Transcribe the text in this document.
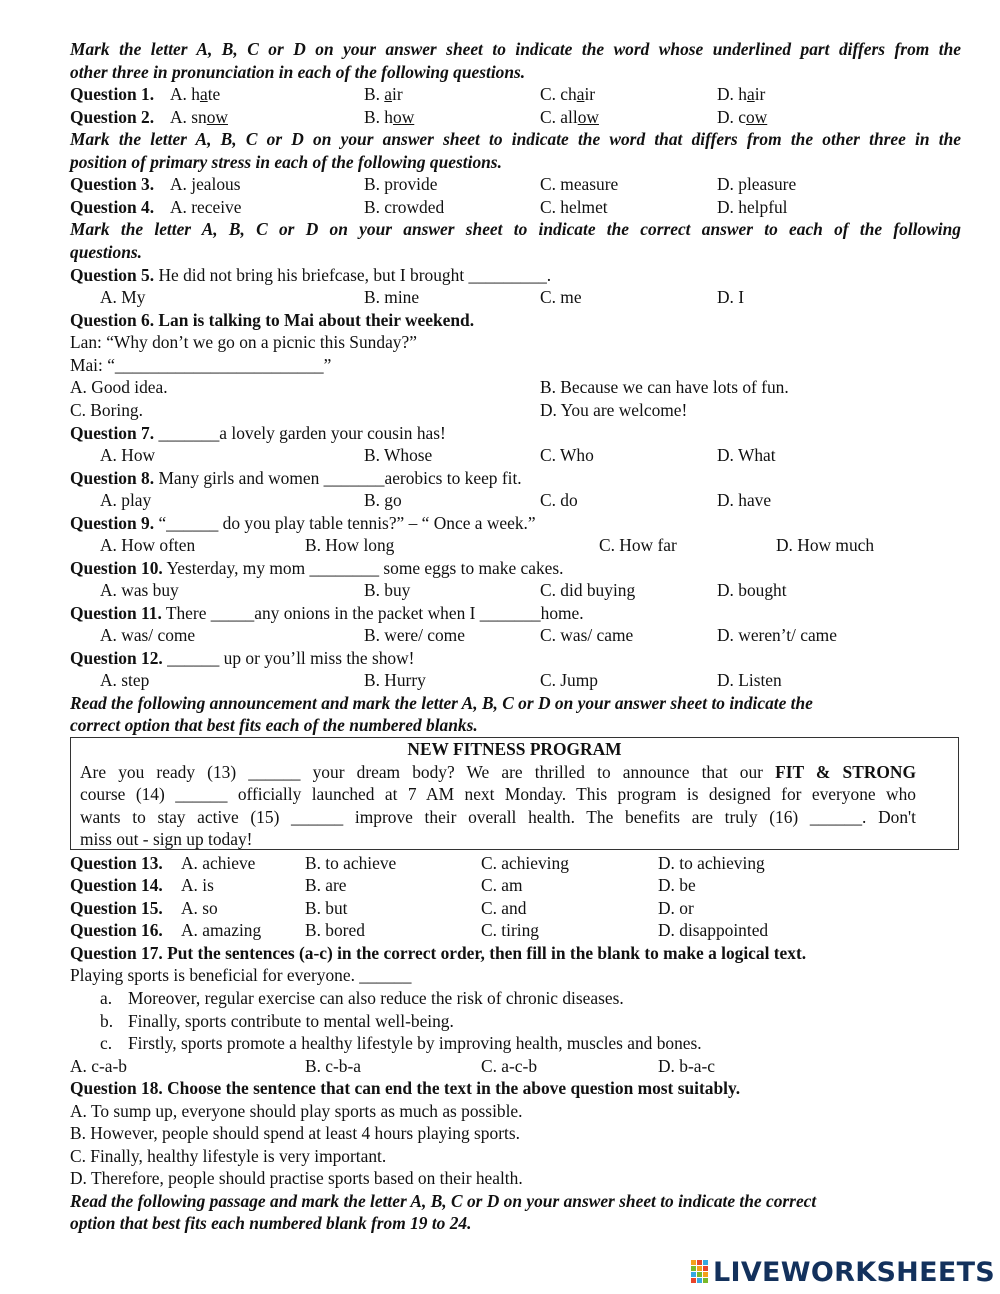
Mark the letter A, B, C or D on your answer sheet to indicate the word whose underlined part differs from the
other three in pronunciation in each of the following questions.
Question 1. A. hate	B. air	C. chair	D. hair
Question 2. A. snow	B. how	C. allow	D. cow
Mark the letter A, B, C or D on your answer sheet to indicate the word that differs from the other three in the
position of primary stress in each of the following questions.
Question 3. A. jealous	B. provide	C. measure	D. pleasure
Question 4. A. receive	B. crowded	C. helmet	D. helpful
Mark the letter A, B, C or D on your answer sheet to indicate the correct answer to each of the following
questions.
Question 5. He did not bring his briefcase, but I brought _________.
A. My	B. mine	C. me	D. I
Question 6. Lan is talking to Mai about their weekend.
Lan: “Why don’t we go on a picnic this Sunday?”
Mai: “________________________”
A. Good idea.	B. Because we can have lots of fun.
C. Boring.	D. You are welcome!
Question 7. _______a lovely garden your cousin has!
A. How	B. Whose	C. Who	D. What
Question 8. Many girls and women _______aerobics to keep fit.
A. play	B. go	C. do	D. have
Question 9. “______ do you play table tennis?” – “ Once a week.”
A. How often	B. How long	C. How far	D. How much
Question 10. Yesterday, my mom ________ some eggs to make cakes.
A. was buy	B. buy	C. did buying	D. bought
Question 11. There _____any onions in the packet when I _______home.
A. was/ come	B. were/ come	C. was/ came	D. weren’t/ came
Question 12. ______ up or you’ll miss the show!
A. step	B. Hurry	C. Jump	D. Listen
Read the following announcement and mark the letter A, B, C or D on your answer sheet to indicate the
correct option that best fits each of the numbered blanks.
NEW FITNESS PROGRAM
Are you ready (13) ______ your dream body? We are thrilled to announce that our FIT & STRONG
course (14) ______ officially launched at 7 AM next Monday. This program is designed for everyone who
wants to stay active (15) ______ improve their overall health. The benefits are truly (16) ______. Don't
miss out - sign up today!
Question 13. A. achieve	B. to achieve	C. achieving	D. to achieving
Question 14. A. is	B. are	C. am	D. be
Question 15. A. so	B. but	C. and	D. or
Question 16. A. amazing	B. bored	C. tiring	D. disappointed
Question 17. Put the sentences (a-c) in the correct order, then fill in the blank to make a logical text.
Playing sports is beneficial for everyone. ______
a. Moreover, regular exercise can also reduce the risk of chronic diseases.
b. Finally, sports contribute to mental well-being.
c. Firstly, sports promote a healthy lifestyle by improving health, muscles and bones.
A. c-a-b	B. c-b-a	C. a-c-b	D. b-a-c
Question 18. Choose the sentence that can end the text in the above question most suitably.
A. To sump up, everyone should play sports as much as possible.
B. However, people should spend at least 4 hours playing sports.
C. Finally, healthy lifestyle is very important.
D. Therefore, people should practise sports based on their health.
Read the following passage and mark the letter A, B, C or D on your answer sheet to indicate the correct
option that best fits each numbered blank from 19 to 24.
LIVEWORKSHEETS
